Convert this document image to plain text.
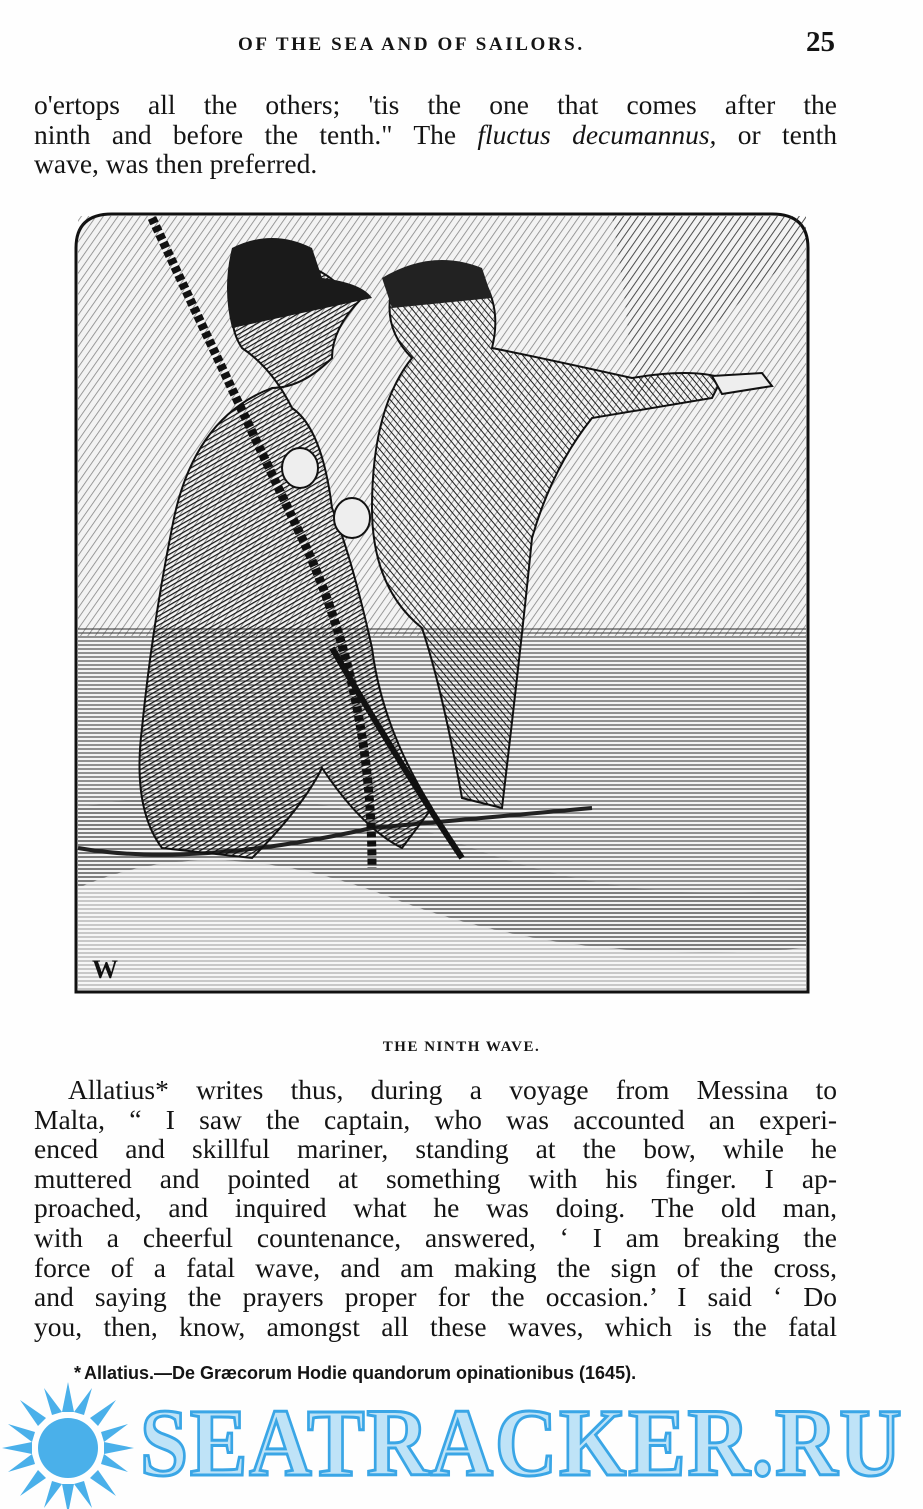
OF THE SEA AND OF SAILORS.	25
o'ertops all the others; 'tis the one that comes after the
ninth and before the tenth." The fluctus decumannus, or tenth
wave, was then preferred.
W
THE NINTH WAVE.
Allatius* writes thus, during a voyage from Messina to
Malta, “ I saw the captain, who was accounted an experi-
enced and skillful mariner, standing at the bow, while he
muttered and pointed at something with his finger. I ap-
proached, and inquired what he was doing. The old man,
with a cheerful countenance, answered, ‘ I am breaking the
force of a fatal wave, and am making the sign of the cross,
and saying the prayers proper for the occasion.’ I said ‘ Do
you, then, know, amongst all these waves, which is the fatal
* Allatius.—De Græcorum Hodie quandorum opinationibus (1645).
SEATRACKER.RU
